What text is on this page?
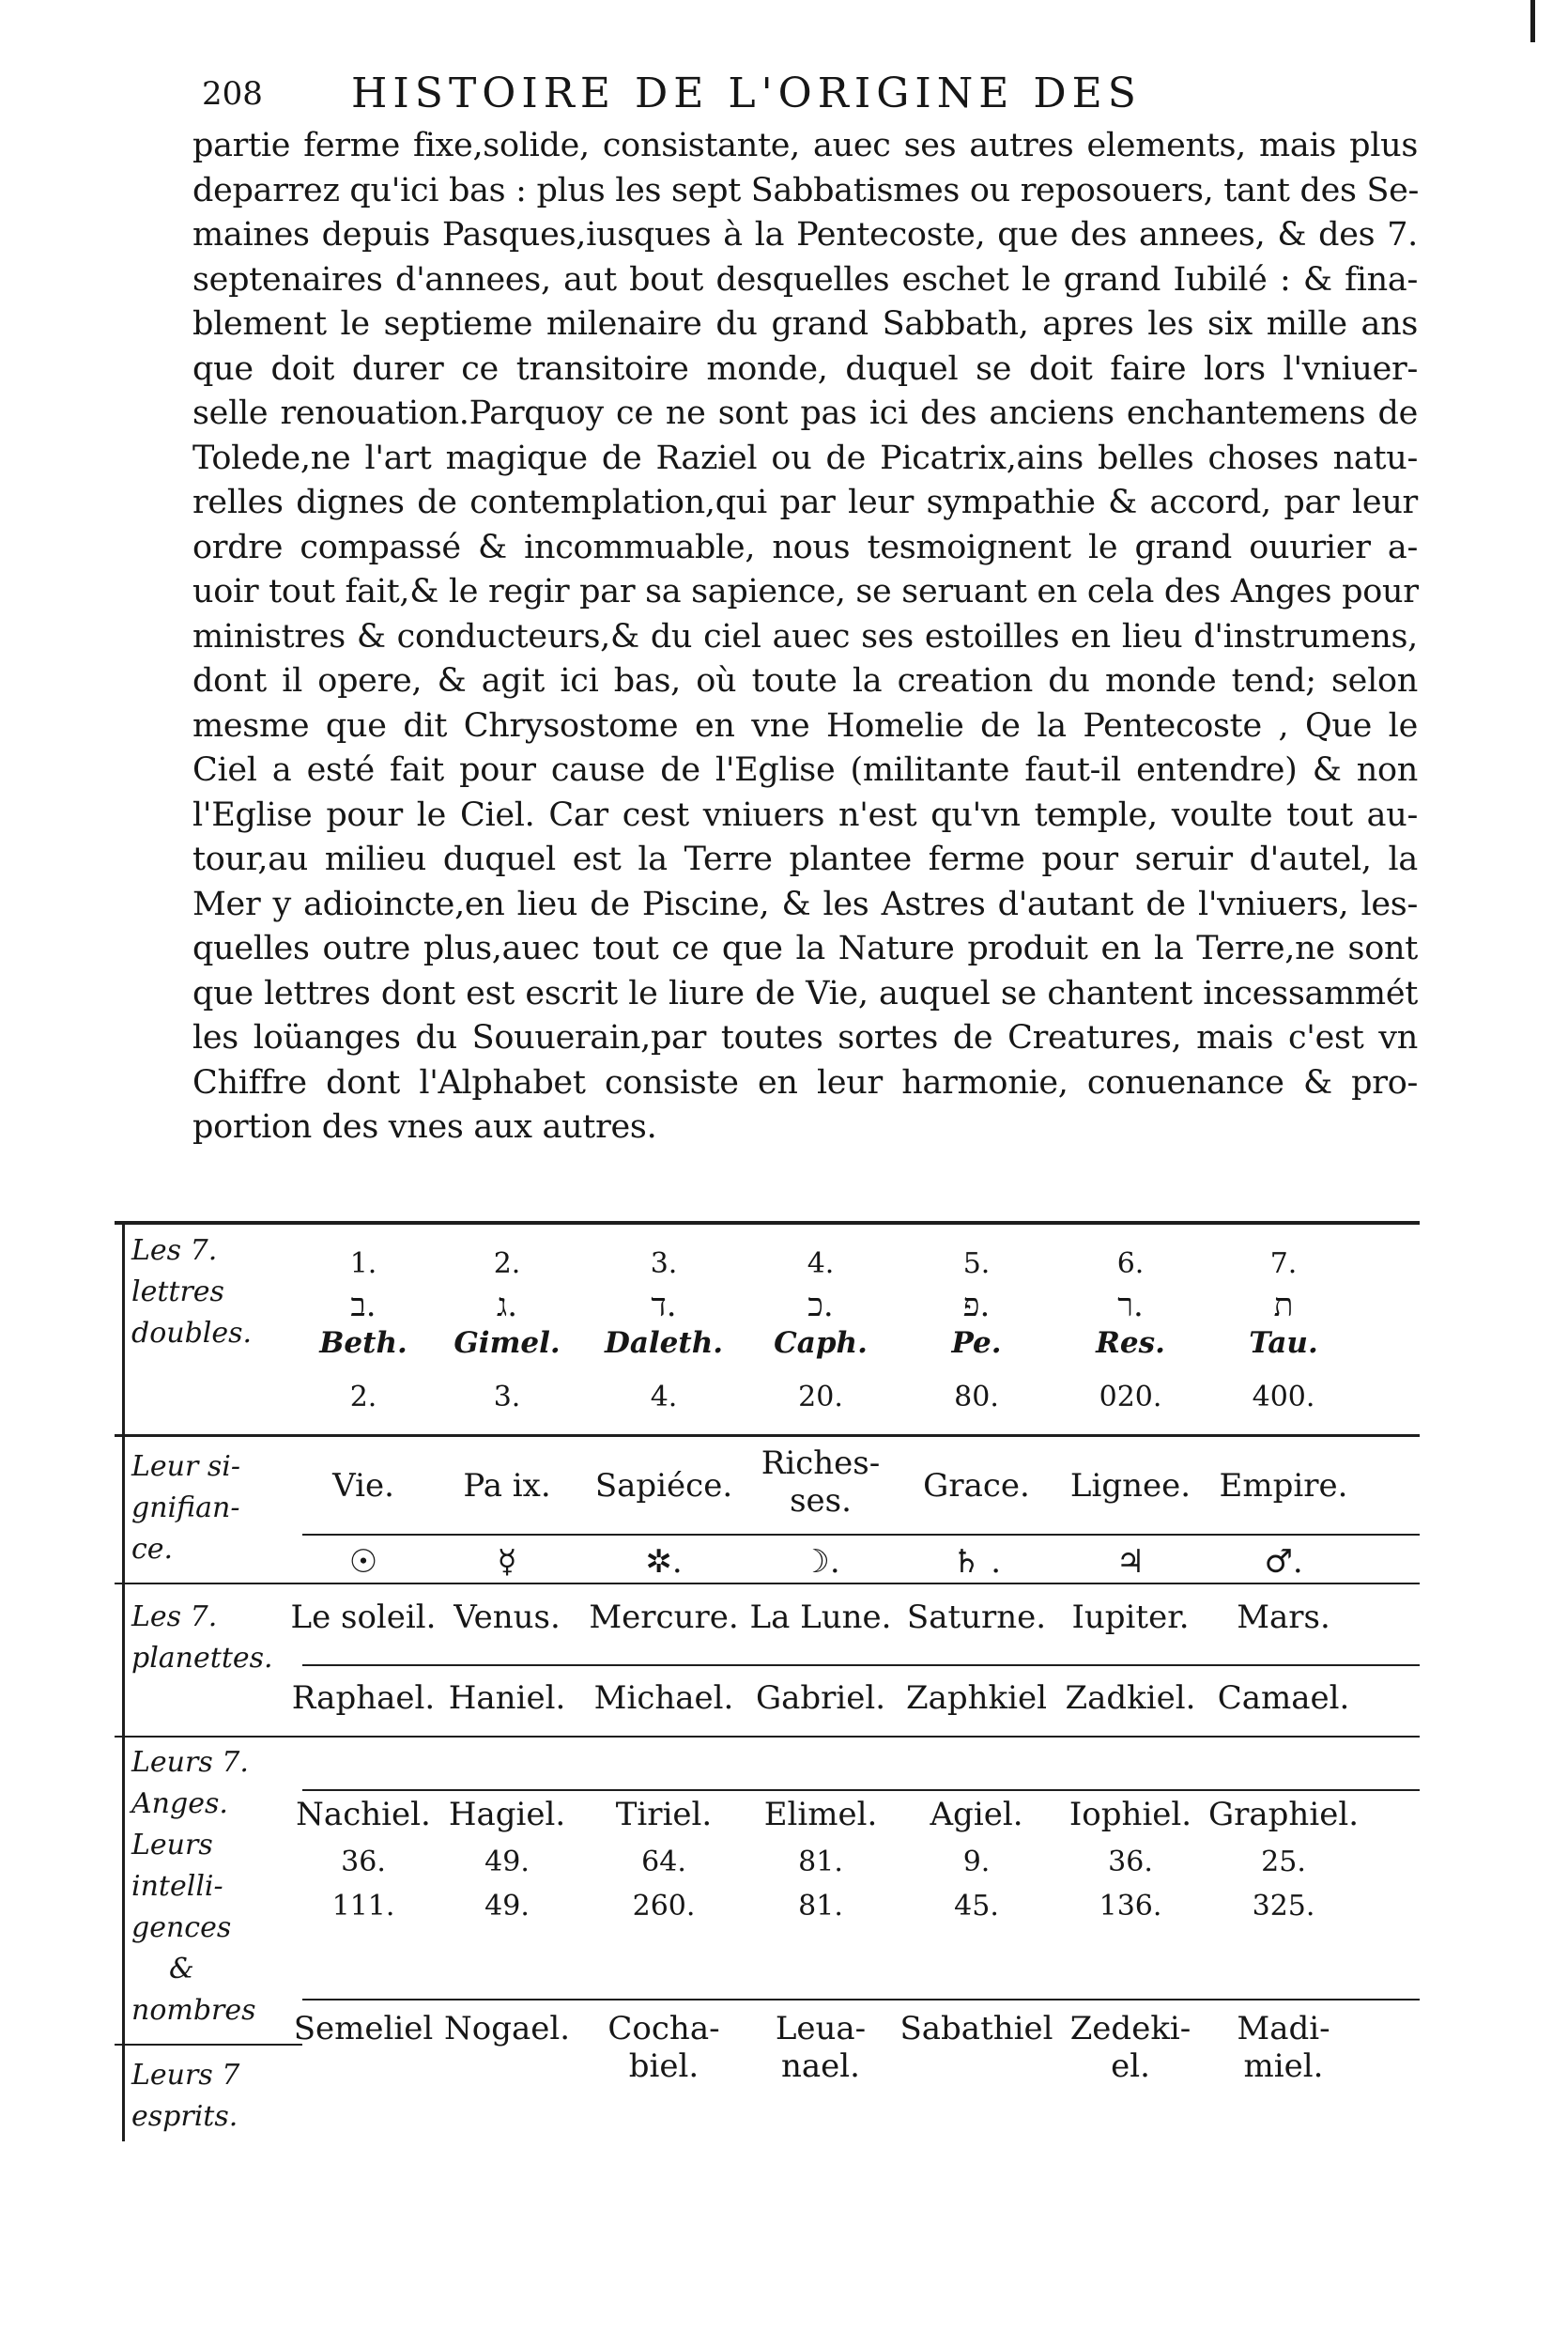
208	HISTOIRE DE L'ORIGINE DES
partie ferme fixe,solide, consistante, auec ses autres elements, mais plus
deparrez qu'ici bas : plus les sept Sabbatismes ou reposouers, tant des Se-
maines depuis Pasques,iusques à la Pentecoste, que des annees, & des 7.
septenaires d'annees, aut bout desquelles eschet le grand Iubilé : & fina-
blement le septieme milenaire du grand Sabbath, apres les six mille ans
que doit durer ce transitoire monde, duquel se doit faire lors l'vniuer-
selle renouation.Parquoy ce ne sont pas ici des anciens enchantemens de
Tolede,ne l'art magique de Raziel ou de Picatrix,ains belles choses natu-
relles dignes de contemplation,qui par leur sympathie & accord, par leur
ordre compassé & incommuable, nous tesmoignent le grand ouurier a-
uoir tout fait,& le regir par sa sapience, se seruant en cela des Anges pour
ministres & conducteurs,& du ciel auec ses estoilles en lieu d'instrumens,
dont il opere, & agit ici bas, où toute la creation du monde tend; selon
mesme que dit Chrysostome en vne Homelie de la Pentecoste , Que le
Ciel a esté fait pour cause de l'Eglise (militante faut-il entendre) & non
l'Eglise pour le Ciel. Car cest vniuers n'est qu'vn temple, voulte tout au-
tour,au milieu duquel est la Terre plantee ferme pour seruir d'autel, la
Mer y adioincte,en lieu de Piscine, & les Astres d'autant de l'vniuers, les-
quelles outre plus,auec tout ce que la Nature produit en la Terre,ne sont
que lettres dont est escrit le liure de Vie, auquel se chantent incessammét
les loüanges du Souuerain,par toutes sortes de Creatures, mais c'est vn
Chiffre dont l'Alphabet consiste en leur harmonie, conuenance & pro-
portion des vnes aux autres.
Les 7.
lettres
doubles.
Leur si-
gnifian-
ce.
Les 7.
planettes.
Leurs 7.
Anges.
Leurs
intelli-
gences
&
nombres
Leurs 7
esprits.
1.
ב.
Beth.
2.
Vie.
☉
Le soleil.
Raphael.
Nachiel.
36.
111.
Semeliel
2.
ג.
Gimel.
3.
Pa ix.
☿
Venus.
Haniel.
Hagiel.
49.
49.
Nogael.
3.
ד.
Daleth.
4.
Sapiéce.
✲.
Mercure.
Michael.
Tiriel.
64.
260.
Cocha-biel.
4.
כ.
Caph.
20.
Riches-ses.
☽.
La Lune.
Gabriel.
Elimel.
81.
81.
Leua-nael.
5.
פ.
Pe.
80.
Grace.
♄ .
Saturne.
Zaphkiel
Agiel.
9.
45.
Sabathiel
6.
ר.
Res.
020.
Lignee.
♃
Iupiter.
Zadkiel.
Iophiel.
36.
136.
Zedeki-el.
7.
ת
Tau.
400.
Empire.
♂.
Mars.
Camael.
Graphiel.
25.
325.
Madi-miel.
